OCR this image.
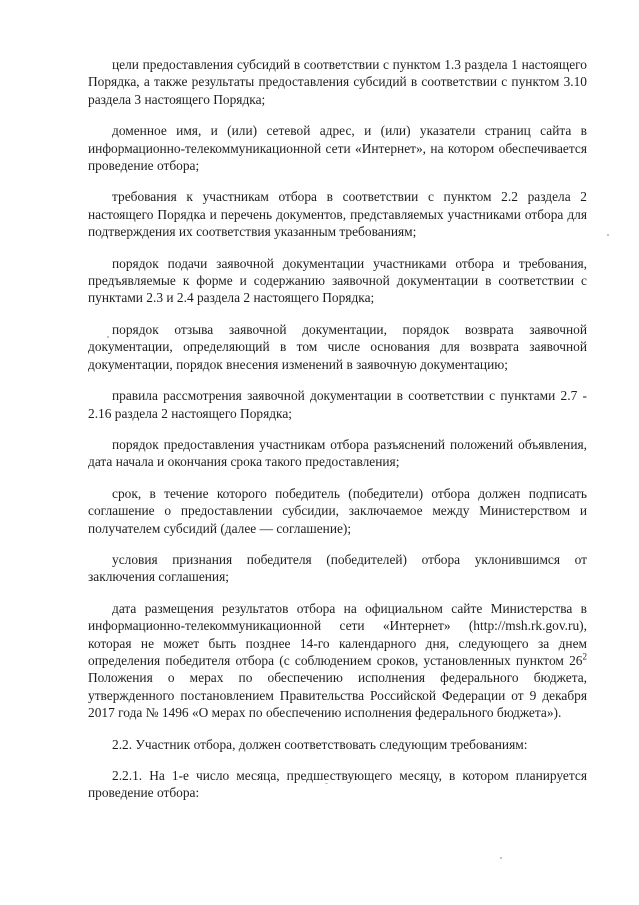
цели предоставления субсидий в соответствии с пунктом 1.3 раздела 1 настоящего Порядка, а также результаты предоставления субсидий в соответствии с пунктом 3.10 раздела 3 настоящего Порядка;

доменное имя, и (или) сетевой адрес, и (или) указатели страниц сайта в информационно-телекоммуникационной сети «Интернет», на котором обеспечивается проведение отбора;

требования к участникам отбора в соответствии с пунктом 2.2 раздела 2 настоящего Порядка и перечень документов, представляемых участниками отбора для подтверждения их соответствия указанным требованиям;

порядок подачи заявочной документации участниками отбора и требования, предъявляемые к форме и содержанию заявочной документации в соответствии с пунктами 2.3 и 2.4 раздела 2 настоящего Порядка;

порядок отзыва заявочной документации, порядок возврата заявочной документации, определяющий в том числе основания для возврата заявочной документации, порядок внесения изменений в заявочную документацию;

правила рассмотрения заявочной документации в соответствии с пунктами 2.7 - 2.16 раздела 2 настоящего Порядка;

порядок предоставления участникам отбора разъяснений положений объявления, дата начала и окончания срока такого предоставления;

срок, в течение которого победитель (победители) отбора должен подписать соглашение о предоставлении субсидии, заключаемое между Министерством и получателем субсидий (далее — соглашение);

условия признания победителя (победителей) отбора уклонившимся от заключения соглашения;

дата размещения результатов отбора на официальном сайте Министерства в информационно-телекоммуникационной сети «Интернет» (http://msh.rk.gov.ru), которая не может быть позднее 14-го календарного дня, следующего за днем определения победителя отбора (с соблюдением сроков, установленных пунктом $26^2$ Положения о мерах по обеспечению исполнения федерального бюджета, утвержденного постановлением Правительства Российской Федерации от 9 декабря 2017 года № 1496 «О мерах по обеспечению исполнения федерального бюджета»).

2.2. Участник отбора, должен соответствовать следующим требованиям:

2.2.1. На 1-е число месяца, предшествующего месяцу, в котором планируется проведение отбора:
